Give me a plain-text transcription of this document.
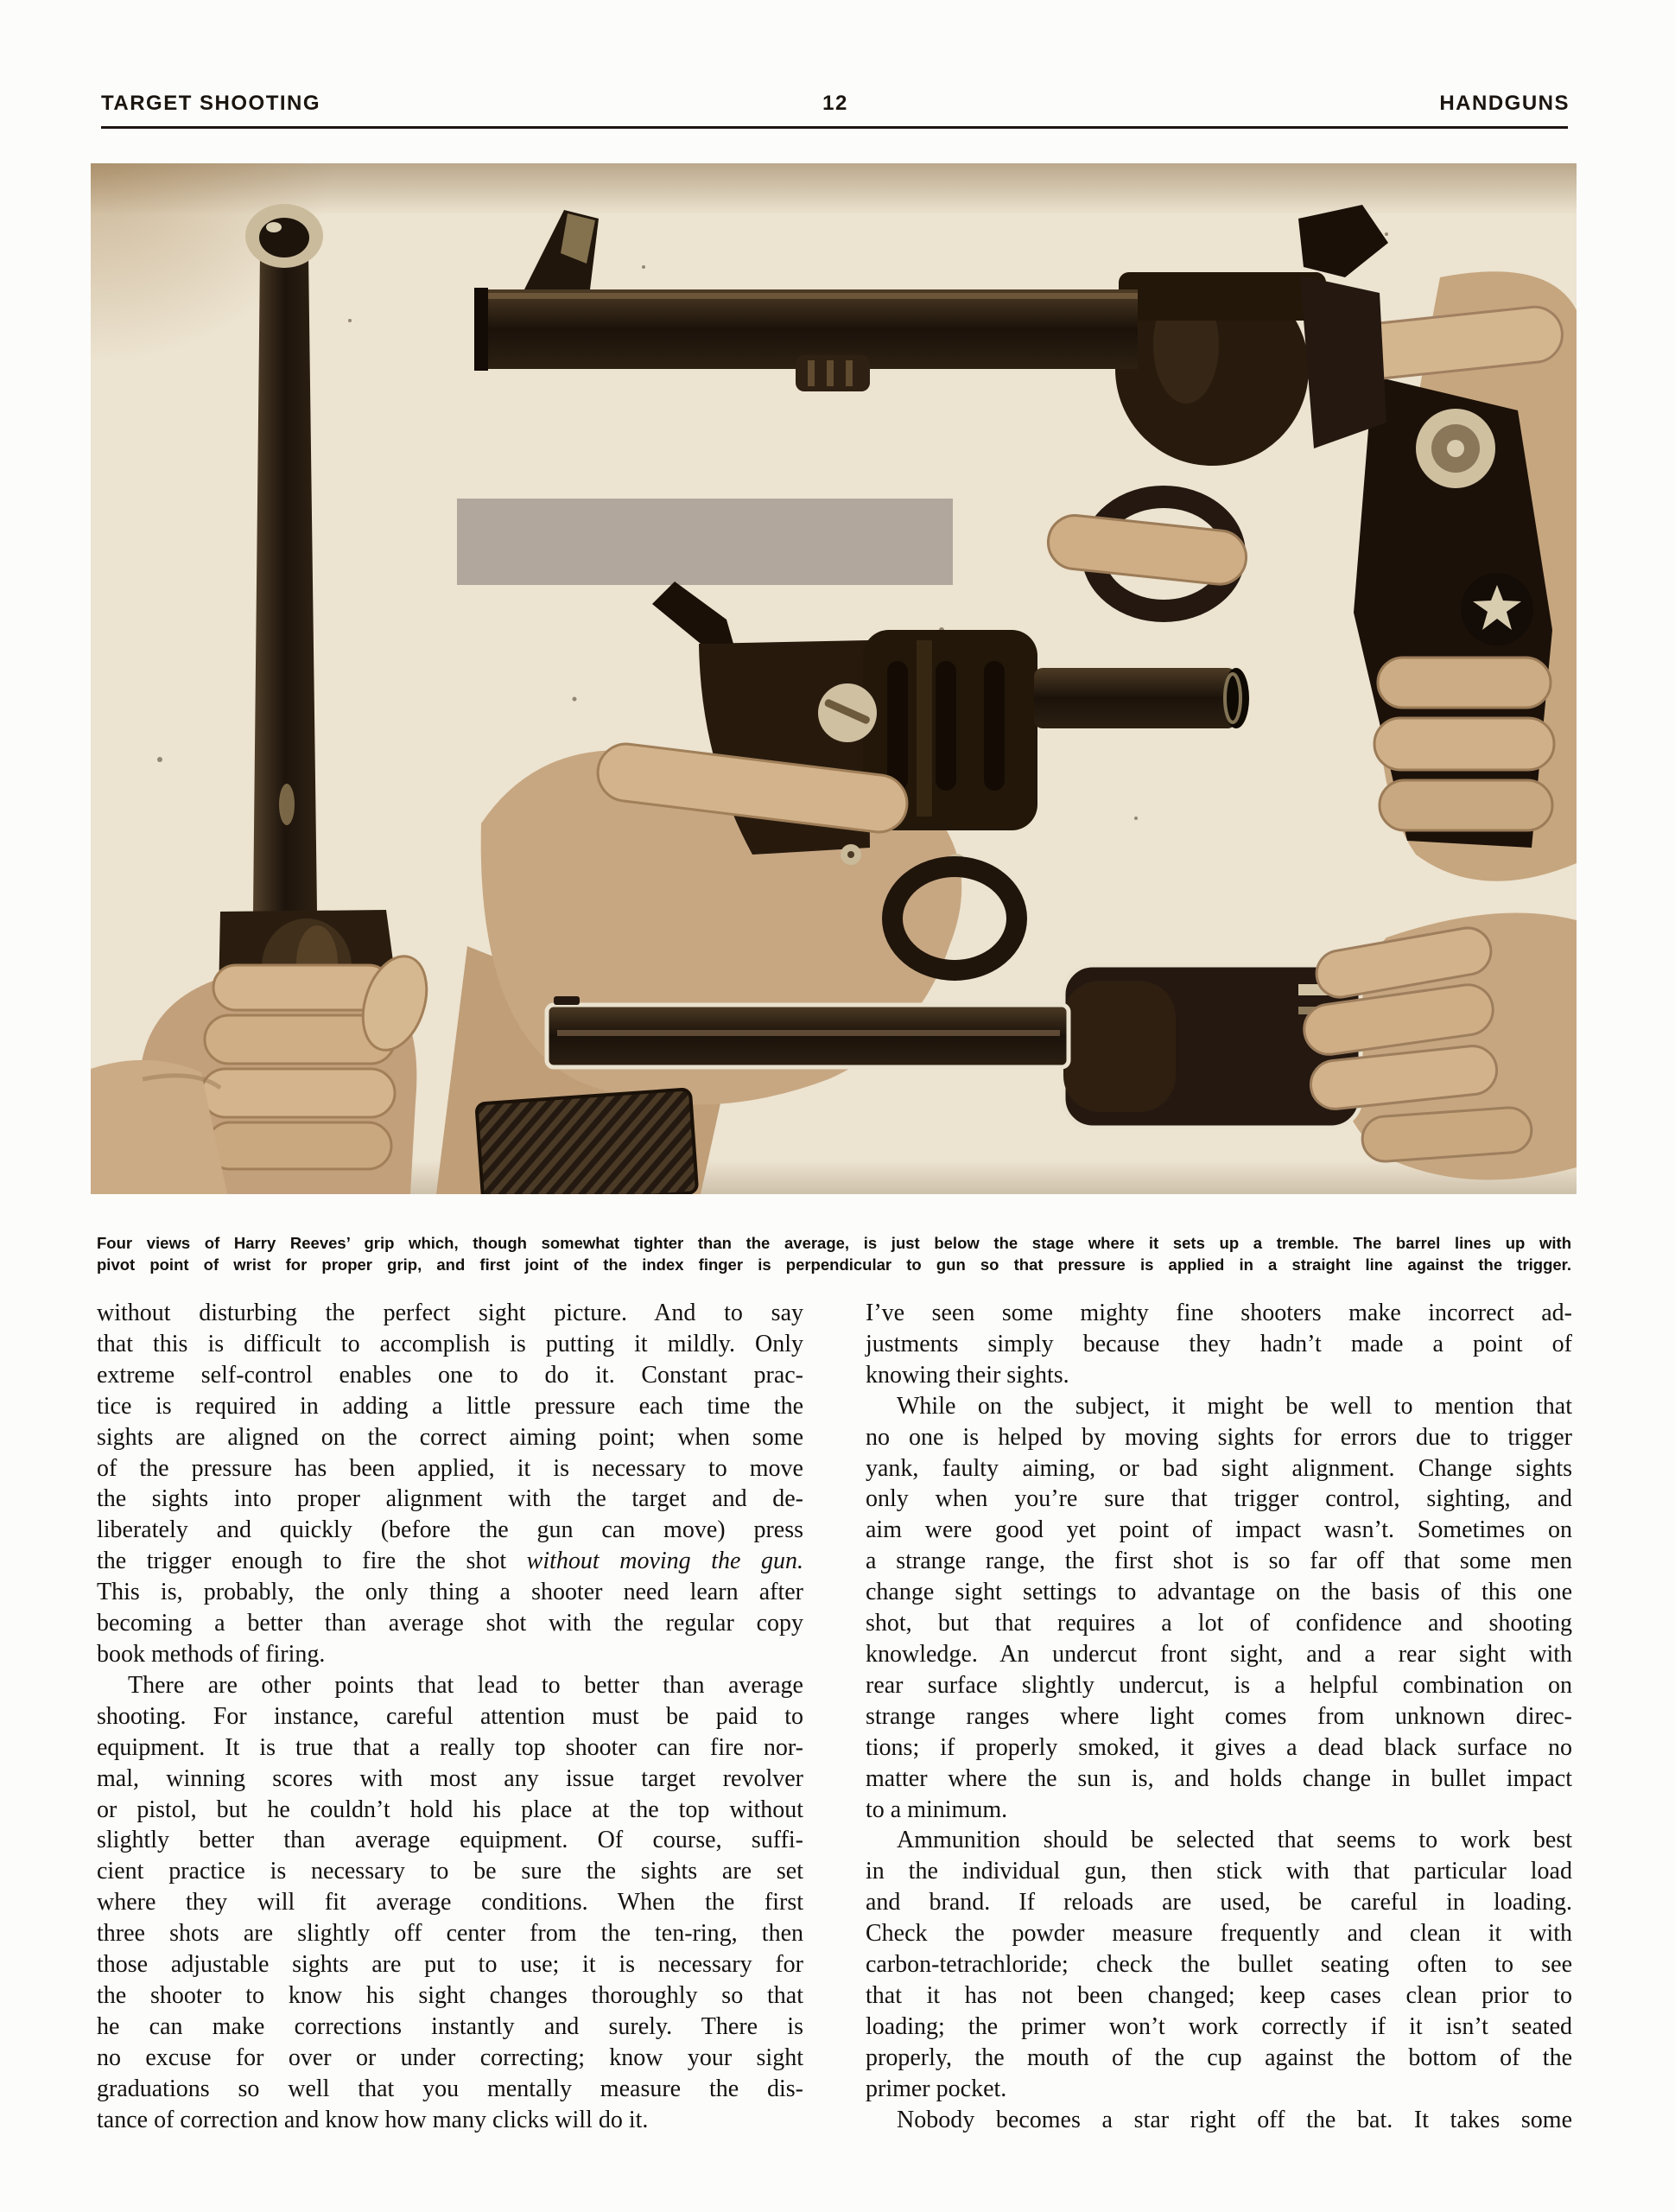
TARGET SHOOTING	12	HANDGUNS
Four views of Harry Reeves’ grip which, though somewhat tighter than the average, is just below the stage where it sets up a tremble. The barrel lines up with
pivot point of wrist for proper grip, and first joint of the index finger is perpendicular to gun so that pressure is applied in a straight line against the trigger.
without disturbing the perfect sight picture. And to say
that this is difficult to accomplish is putting it mildly. Only
extreme self-control enables one to do it. Constant prac-
tice is required in adding a little pressure each time the
sights are aligned on the correct aiming point; when some
of the pressure has been applied, it is necessary to move
the sights into proper alignment with the target and de-
liberately and quickly (before the gun can move) press
the trigger enough to fire the shot without moving the gun.
This is, probably, the only thing a shooter need learn after
becoming a better than average shot with the regular copy
book methods of firing.
There are other points that lead to better than average
shooting. For instance, careful attention must be paid to
equipment. It is true that a really top shooter can fire nor-
mal, winning scores with most any issue target revolver
or pistol, but he couldn’t hold his place at the top without
slightly better than average equipment. Of course, suffi-
cient practice is necessary to be sure the sights are set
where they will fit average conditions. When the first
three shots are slightly off center from the ten-ring, then
those adjustable sights are put to use; it is necessary for
the shooter to know his sight changes thoroughly so that
he can make corrections instantly and surely. There is
no excuse for over or under correcting; know your sight
graduations so well that you mentally measure the dis-
tance of correction and know how many clicks will do it.
I’ve seen some mighty fine shooters make incorrect ad-
justments simply because they hadn’t made a point of
knowing their sights.
While on the subject, it might be well to mention that
no one is helped by moving sights for errors due to trigger
yank, faulty aiming, or bad sight alignment. Change sights
only when you’re sure that trigger control, sighting, and
aim were good yet point of impact wasn’t. Sometimes on
a strange range, the first shot is so far off that some men
change sight settings to advantage on the basis of this one
shot, but that requires a lot of confidence and shooting
knowledge. An undercut front sight, and a rear sight with
rear surface slightly undercut, is a helpful combination on
strange ranges where light comes from unknown direc-
tions; if properly smoked, it gives a dead black surface no
matter where the sun is, and holds change in bullet impact
to a minimum.
Ammunition should be selected that seems to work best
in the individual gun, then stick with that particular load
and brand. If reloads are used, be careful in loading.
Check the powder measure frequently and clean it with
carbon-tetrachloride; check the bullet seating often to see
that it has not been changed; keep cases clean prior to
loading; the primer won’t work correctly if it isn’t seated
properly, the mouth of the cup against the bottom of the
primer pocket.
Nobody becomes a star right off the bat. It takes some
